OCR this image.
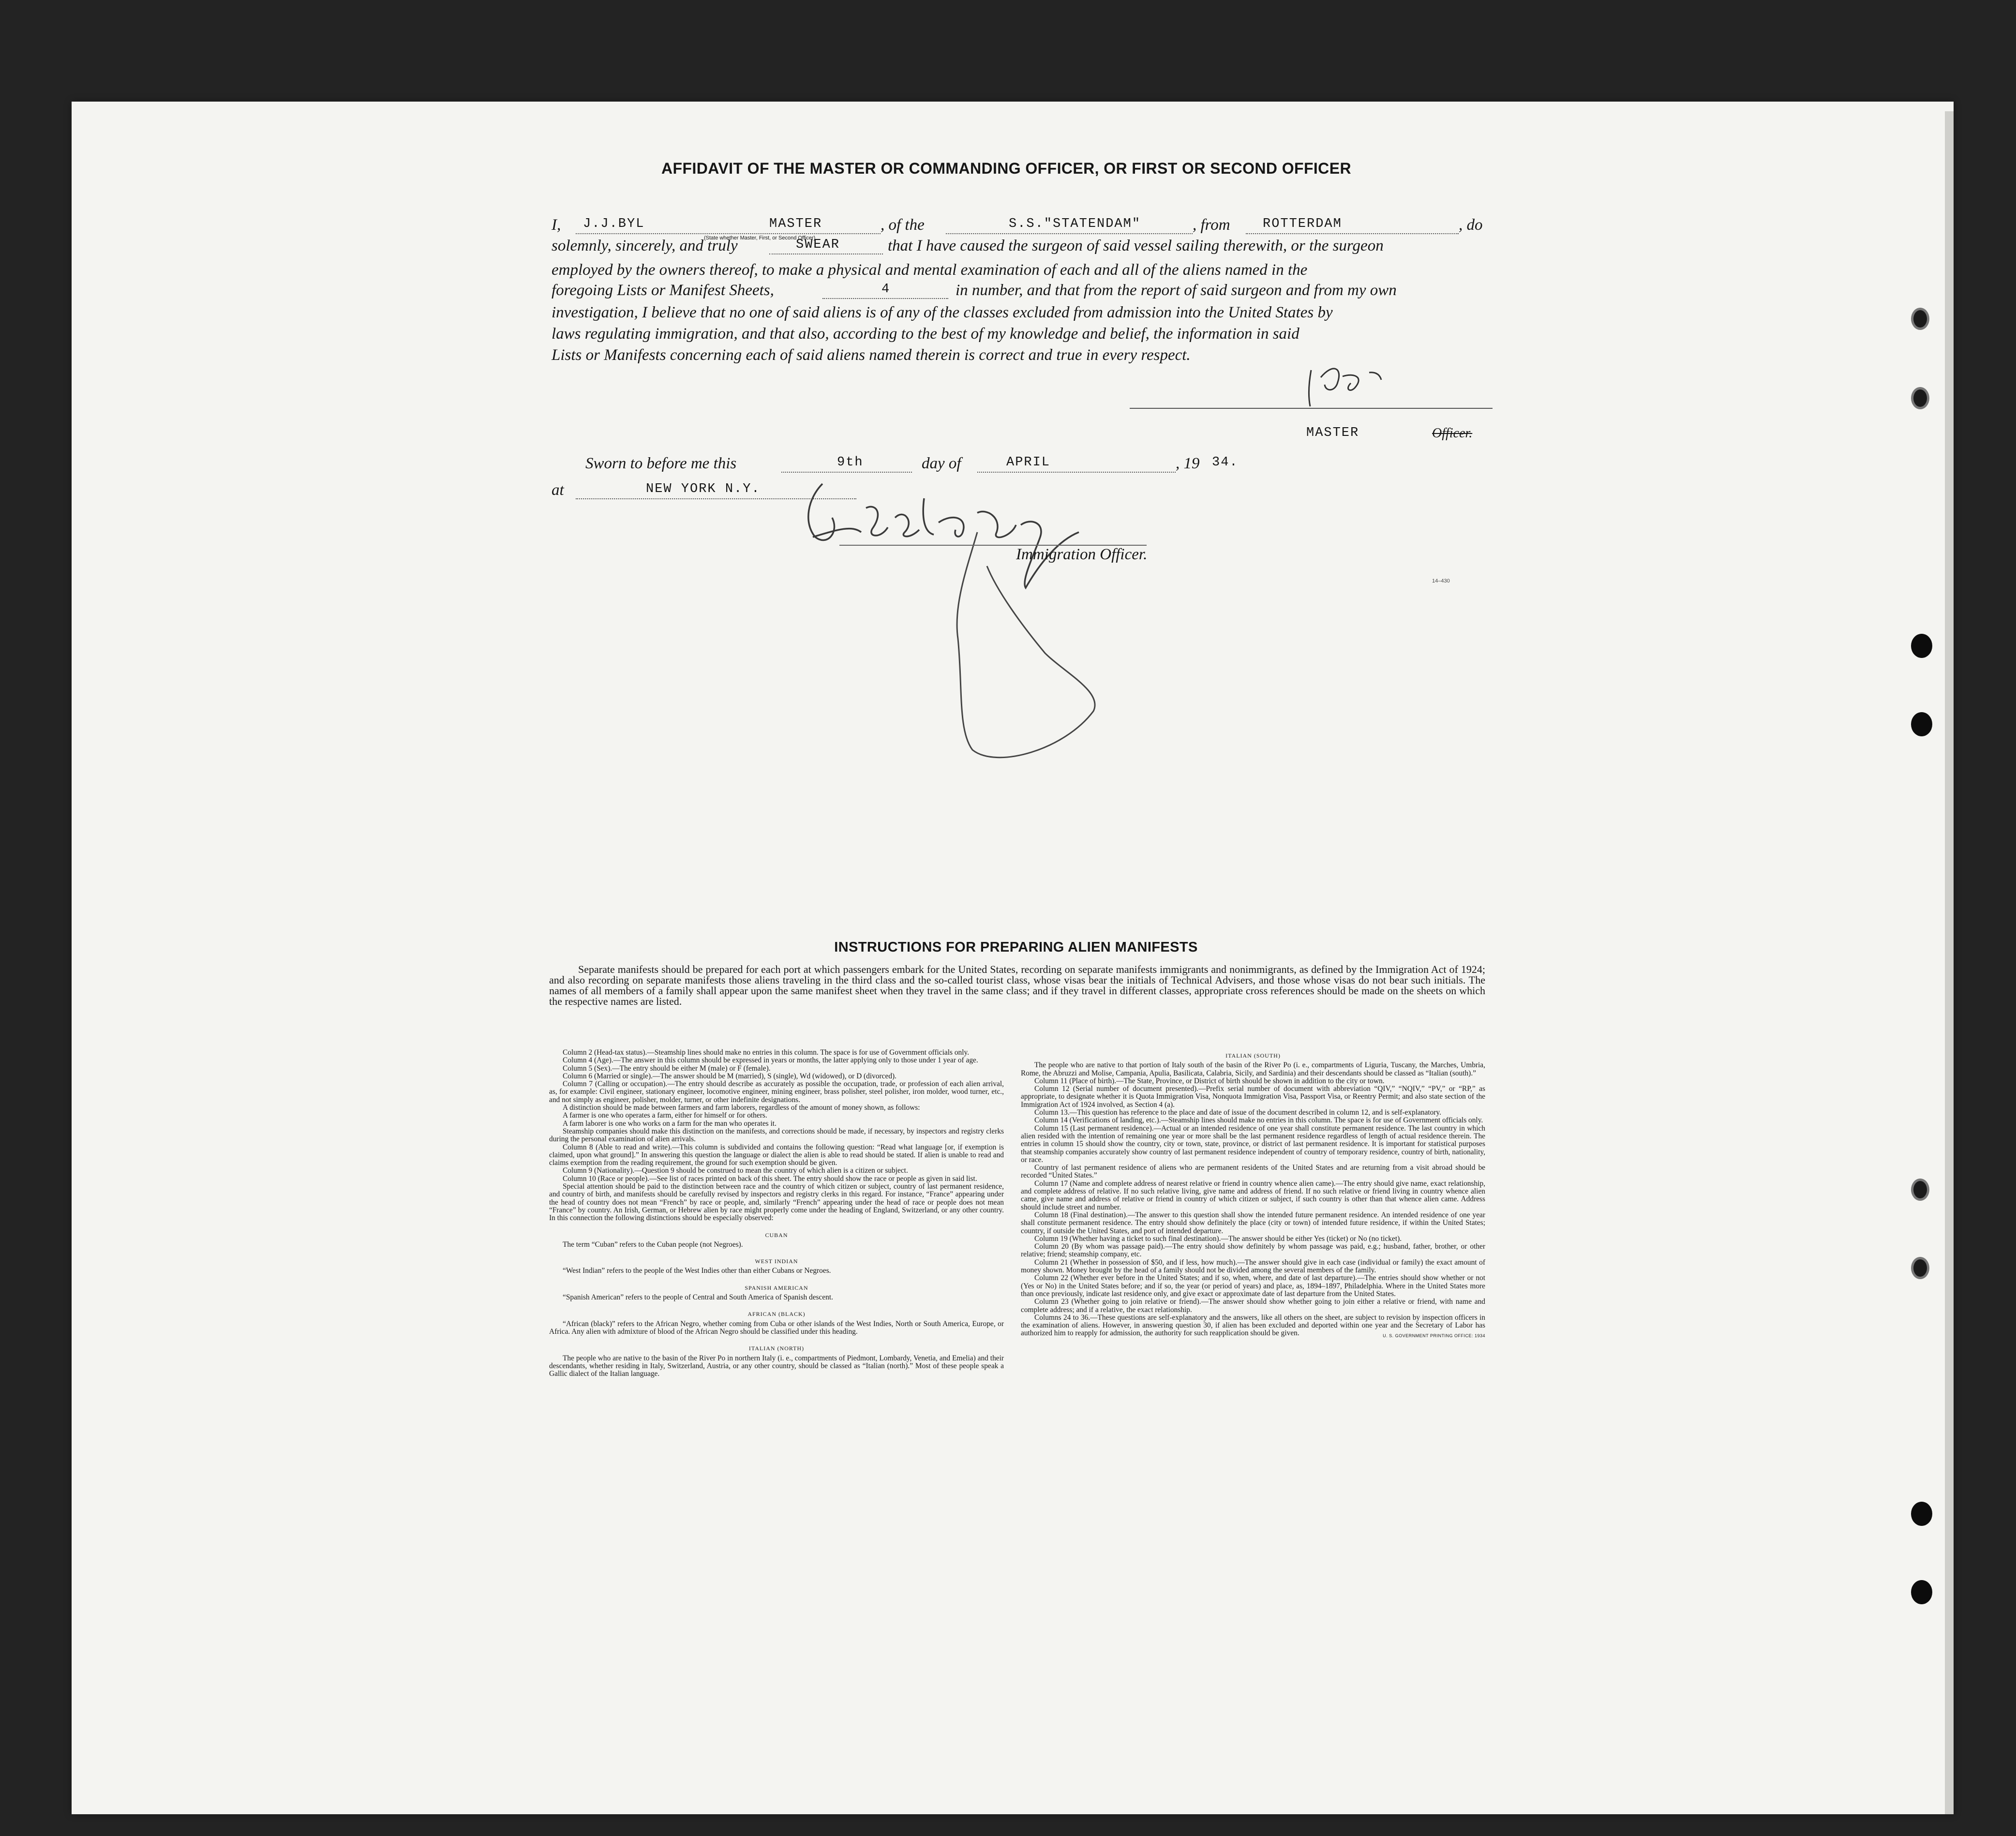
AFFIDAVIT OF THE MASTER OR COMMANDING OFFICER, OR FIRST OR SECOND OFFICER
I, J.J.BYL	MASTER
(State whether Master, First, or Second Officer)
, of the	S.S."STATENDAM"	, from ROTTERDAM	, do
solemnly, sincerely, and truly	SWEAR	that I have caused the surgeon of said vessel sailing therewith, or the surgeon
employed by the owners thereof, to make a physical and mental examination of each and all of the aliens named in the
foregoing Lists or Manifest Sheets,	4	in number, and that from the report of said surgeon and from my own
investigation, I believe that no one of said aliens is of any of the classes excluded from admission into the United States by
laws regulating immigration, and that also, according to the best of my knowledge and belief, the information in said
Lists or Manifests concerning each of said aliens named therein is correct and true in every respect.
MASTER	Officer.
Sworn to before me this	9th	day of	APRIL	, 19 34.
at	NEW YORK N.Y.
Immigration Officer.
14–430
INSTRUCTIONS FOR PREPARING ALIEN MANIFESTS

Separate manifests should be prepared for each port at which passengers embark for the United States, recording on separate manifests immigrants and nonimmigrants, as defined by the Immigration Act of 1924; and also recording on separate manifests those aliens traveling in the third class and the so-called tourist class, whose visas bear the initials of Technical Advisers, and those whose visas do not bear such initials. The names of all members of a family shall appear upon the same manifest sheet when they travel in the same class; and if they travel in different classes, appropriate cross references should be made on the sheets on which the respective names are listed.

Column 2 (Head-tax status).—Steamship lines should make no entries in this column. The space is for use of Government officials only.

Column 4 (Age).—The answer in this column should be expressed in years or months, the latter applying only to those under 1 year of age.

Column 5 (Sex).—The entry should be either M (male) or F (female).

Column 6 (Married or single).—The answer should be M (married), S (single), Wd (widowed), or D (divorced).

Column 7 (Calling or occupation).—The entry should describe as accurately as possible the occupation, trade, or profession of each alien arrival, as, for example: Civil engineer, stationary engineer, locomotive engineer, mining engineer, brass polisher, steel polisher, iron molder, wood turner, etc., and not simply as engineer, polisher, molder, turner, or other indefinite designations.

A distinction should be made between farmers and farm laborers, regardless of the amount of money shown, as follows:

A farmer is one who operates a farm, either for himself or for others.

A farm laborer is one who works on a farm for the man who operates it.

Steamship companies should make this distinction on the manifests, and corrections should be made, if necessary, by inspectors and registry clerks during the personal examination of alien arrivals.

Column 8 (Able to read and write).—This column is subdivided and contains the following question: “Read what language [or, if exemption is claimed, upon what ground].” In answering this question the language or dialect the alien is able to read should be stated. If alien is unable to read and claims exemption from the reading requirement, the ground for such exemption should be given.

Column 9 (Nationality).—Question 9 should be construed to mean the country of which alien is a citizen or subject.

Column 10 (Race or people).—See list of races printed on back of this sheet. The entry should show the race or people as given in said list.

Special attention should be paid to the distinction between race and the country of which citizen or subject, country of last permanent residence, and country of birth, and manifests should be carefully revised by inspectors and registry clerks in this regard. For instance, “France” appearing under the head of country does not mean “French” by race or people, and, similarly “French” appearing under the head of race or people does not mean “France” by country. An Irish, German, or Hebrew alien by race might properly come under the heading of England, Switzerland, or any other country. In this connection the following distinctions should be especially observed:

CUBAN

The term “Cuban” refers to the Cuban people (not Negroes).

WEST INDIAN

“West Indian” refers to the people of the West Indies other than either Cubans or Negroes.

SPANISH AMERICAN

“Spanish American” refers to the people of Central and South America of Spanish descent.

AFRICAN (BLACK)

“African (black)” refers to the African Negro, whether coming from Cuba or other islands of the West Indies, North or South America, Europe, or Africa. Any alien with admixture of blood of the African Negro should be classified under this heading.

ITALIAN (NORTH)

The people who are native to the basin of the River Po in northern Italy (i. e., compartments of Piedmont, Lombardy, Venetia, and Emelia) and their descendants, whether residing in Italy, Switzerland, Austria, or any other country, should be classed as “Italian (north).” Most of these people speak a Gallic dialect of the Italian language.

ITALIAN (SOUTH)

The people who are native to that portion of Italy south of the basin of the River Po (i. e., compartments of Liguria, Tuscany, the Marches, Umbria, Rome, the Abruzzi and Molise, Campania, Apulia, Basilicata, Calabria, Sicily, and Sardinia) and their descendants should be classed as “Italian (south).”

Column 11 (Place of birth).—The State, Province, or District of birth should be shown in addition to the city or town.

Column 12 (Serial number of document presented).—Prefix serial number of document with abbreviation “QIV,” “NQIV,” “PV,” or “RP,” as appropriate, to designate whether it is Quota Immigration Visa, Nonquota Immigration Visa, Passport Visa, or Reentry Permit; and also state section of the Immigration Act of 1924 involved, as Section 4 (a).

Column 13.—This question has reference to the place and date of issue of the document described in column 12, and is self-explanatory.

Column 14 (Verifications of landing, etc.).—Steamship lines should make no entries in this column. The space is for use of Government officials only.

Column 15 (Last permanent residence).—Actual or an intended residence of one year shall constitute permanent residence. The last country in which alien resided with the intention of remaining one year or more shall be the last permanent residence regardless of length of actual residence therein. The entries in column 15 should show the country, city or town, state, province, or district of last permanent residence. It is important for statistical purposes that steamship companies accurately show country of last permanent residence independent of country of temporary residence, country of birth, nationality, or race.

Country of last permanent residence of aliens who are permanent residents of the United States and are returning from a visit abroad should be recorded “United States.”

Column 17 (Name and complete address of nearest relative or friend in country whence alien came).—The entry should give name, exact relationship, and complete address of relative. If no such relative living, give name and address of friend. If no such relative or friend living in country whence alien came, give name and address of relative or friend in country of which citizen or subject, if such country is other than that whence alien came. Address should include street and number.

Column 18 (Final destination).—The answer to this question shall show the intended future permanent residence. An intended residence of one year shall constitute permanent residence. The entry should show definitely the place (city or town) of intended future residence, if within the United States; country, if outside the United States, and port of intended departure.

Column 19 (Whether having a ticket to such final destination).—The answer should be either Yes (ticket) or No (no ticket).

Column 20 (By whom was passage paid).—The entry should show definitely by whom passage was paid, e.g.; husband, father, brother, or other relative; friend; steamship company, etc.

Column 21 (Whether in possession of $50, and if less, how much).—The answer should give in each case (individual or family) the exact amount of money shown. Money brought by the head of a family should not be divided among the several members of the family.

Column 22 (Whether ever before in the United States; and if so, when, where, and date of last departure).—The entries should show whether or not (Yes or No) in the United States before; and if so, the year (or period of years) and place, as, 1894–1897, Philadelphia. Where in the United States more than once previously, indicate last residence only, and give exact or approximate date of last departure from the United States.

Column 23 (Whether going to join relative or friend).—The answer should show whether going to join either a relative or friend, with name and complete address; and if a relative, the exact relationship.

Columns 24 to 36.—These questions are self-explanatory and the answers, like all others on the sheet, are subject to revision by inspection officers in the examination of aliens. However, in answering question 30, if alien has been excluded and deported within one year and the Secretary of Labor has authorized him to reapply for admission, the authority for such reapplication should be given.	U. S. GOVERNMENT PRINTING OFFICE: 1934
